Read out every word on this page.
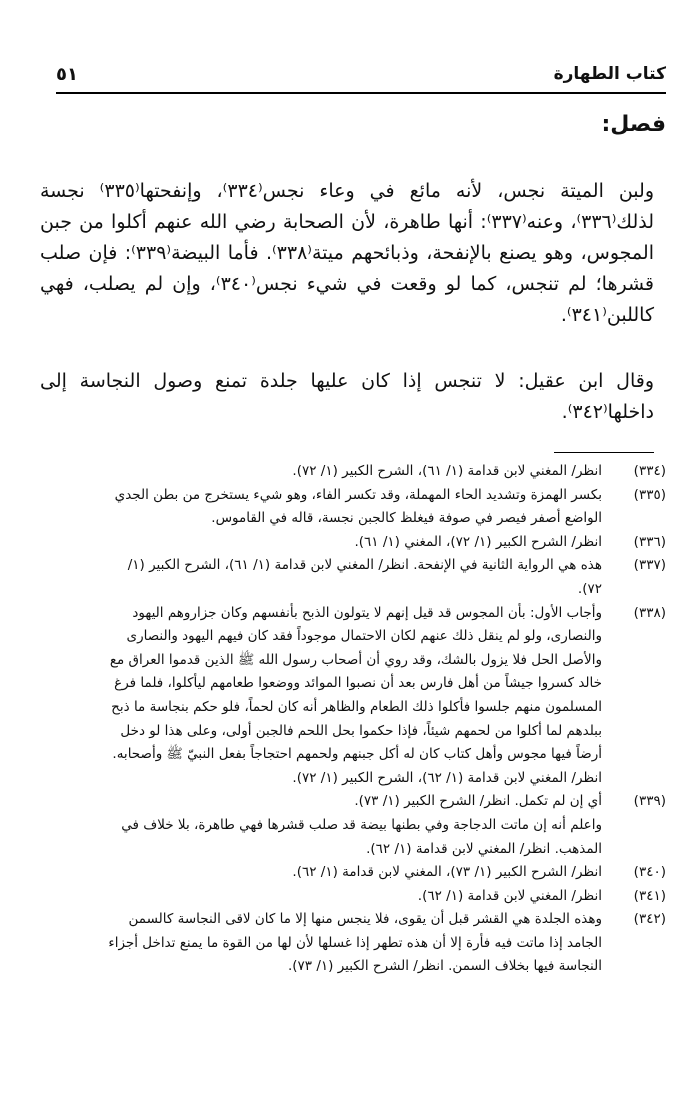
كتاب الطهارة
٥١
فصل:
ولبن الميتة نجس، لأنه مائع في وعاء نجس⁽٣٣٤⁾، وإنفحتها⁽٣٣٥⁾ نجسة لذلك⁽٣٣٦⁾، وعنه⁽٣٣٧⁾: أنها طاهرة، لأن الصحابة رضي الله عنهم أكلوا من جبن المجوس، وهو يصنع بالإنفحة، وذبائحهم ميتة⁽٣٣٨⁾. فأما البيضة⁽٣٣٩⁾: فإن صلب قشرها؛ لم تنجس، كما لو وقعت في شيء نجس⁽٣٤٠⁾، وإن لم يصلب، فهي كاللبن⁽٣٤١⁾.
وقال ابن عقيل: لا تنجس إذا كان عليها جلدة تمنع وصول النجاسة إلى داخلها⁽٣٤٢⁾.
(٣٣٤)
انظر/ المغني لابن قدامة (١/ ٦١)، الشرح الكبير (١/ ٧٢).
(٣٣٥)
بكسر الهمزة وتشديد الحاء المهملة، وقد تكسر الفاء، وهو شيء يستخرج من بطن الجدي
الواضع أصفر فيصر في صوفة فيغلظ كالجبن نجسة، قاله في القاموس.
(٣٣٦)
انظر/ الشرح الكبير (١/ ٧٢)، المغني (١/ ٦١).
(٣٣٧)
هذه هي الرواية الثانية في الإنفحة. انظر/ المغني لابن قدامة (١/ ٦١)، الشرح الكبير (١/
٧٢).
(٣٣٨)
وأجاب الأول: بأن المجوس قد قيل إنهم لا يتولون الذبح بأنفسهم وكان جزاروهم اليهود
والنصارى، ولو لم ينقل ذلك عنهم لكان الاحتمال موجوداً فقد كان فيهم اليهود والنصارى
والأصل الحل فلا يزول بالشك، وقد روي أن أصحاب رسول الله ﷺ الذين قدموا العراق مع
خالد كسروا جيشاً من أهل فارس بعد أن نصبوا الموائد ووضعوا طعامهم ليأكلوا، فلما فرغ
المسلمون منهم جلسوا فأكلوا ذلك الطعام والظاهر أنه كان لحماً، فلو حكم بنجاسة ما ذبح
ببلدهم لما أكلوا من لحمهم شيئاً، فإذا حكموا بحل اللحم فالجبن أولى، وعلى هذا لو دخل
أرضاً فيها مجوس وأهل كتاب كان له أكل جبنهم ولحمهم احتجاجاً بفعل النبيّ ﷺ وأصحابه.
انظر/ المغني لابن قدامة (١/ ٦٢)، الشرح الكبير (١/ ٧٢).
(٣٣٩)
أي إن لم تكمل. انظر/ الشرح الكبير (١/ ٧٣).
واعلم أنه إن ماتت الدجاجة وفي بطنها بيضة قد صلب قشرها فهي طاهرة، بلا خلاف في
المذهب. انظر/ المغني لابن قدامة (١/ ٦٢).
(٣٤٠)
انظر/ الشرح الكبير (١/ ٧٣)، المغني لابن قدامة (١/ ٦٢).
(٣٤١)
انظر/ المغني لابن قدامة (١/ ٦٢).
(٣٤٢)
وهذه الجلدة هي القشر قبل أن يقوى، فلا ينجس منها إلا ما كان لاقى النجاسة كالسمن
الجامد إذا ماتت فيه فأرة إلا أن هذه تطهر إذا غسلها لأن لها من القوة ما يمنع تداخل أجزاء
النجاسة فيها بخلاف السمن. انظر/ الشرح الكبير (١/ ٧٣).
